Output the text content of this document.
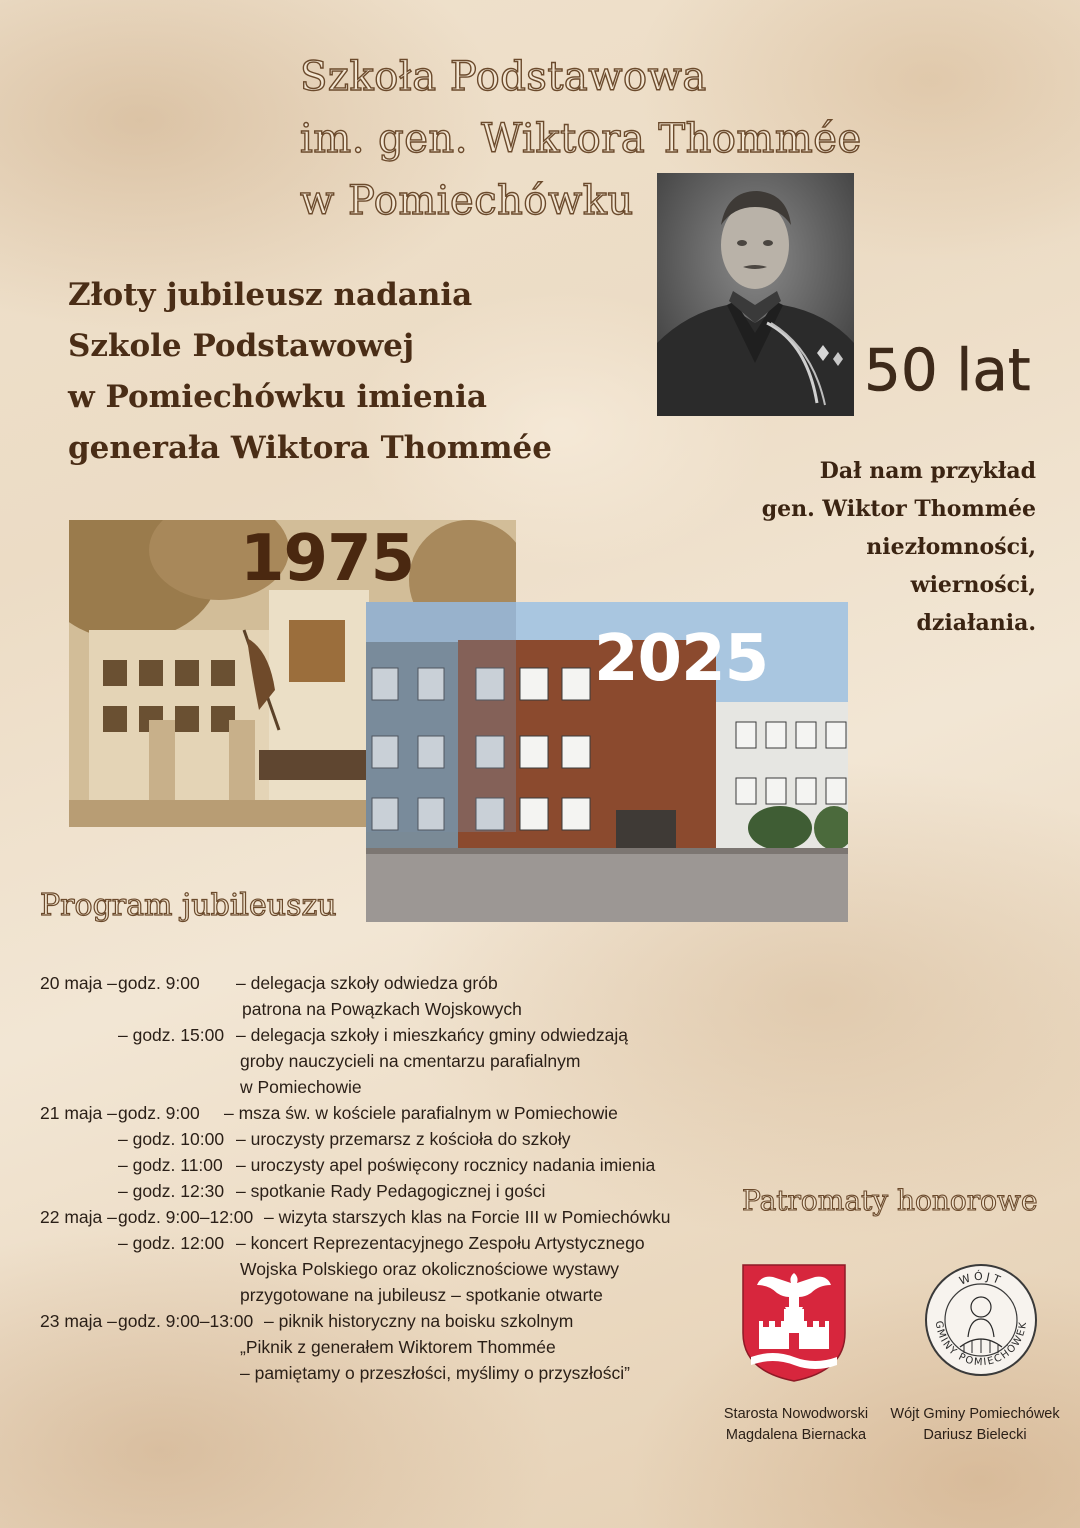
Szkoła Podstawowa
im. gen. Wiktora Thommée
w Pomiechówku
Złoty jubileusz nadania
Szkole Podstawowej
w Pomiechówku imienia
generała Wiktora Thommée
50 lat
Dał nam przykład
gen. Wiktor Thommée
niezłomności,
wierności,
działania.
1975
2025
Program jubileuszu
20 maja – godz. 9:00 – delegacja szkoły odwiedza grób
patrona na Powązkach Wojskowych
– godz. 15:00 – delegacja szkoły i mieszkańcy gminy odwiedzają
groby nauczycieli na cmentarzu parafialnym
w Pomiechowie
21 maja – godz. 9:00 – msza św. w kościele parafialnym w Pomiechowie
– godz. 10:00 – uroczysty przemarsz z kościoła do szkoły
– godz. 11:00 – uroczysty apel poświęcony rocznicy nadania imienia
– godz. 12:30 – spotkanie Rady Pedagogicznej i gości
22 maja – godz. 9:00–12:00 – wizyta starszych klas na Forcie III w Pomiechówku
– godz. 12:00 – koncert Reprezentacyjnego Zespołu Artystycznego
Wojska Polskiego oraz okolicznościowe wystawy
przygotowane na jubileusz – spotkanie otwarte
23 maja – godz. 9:00–13:00 – piknik historyczny na boisku szkolnym
„Piknik z generałem Wiktorem Thommée
– pamiętamy o przeszłości, myślimy o przyszłości”
Patromaty honorowe
WÓJT
GMINY POMIECHÓWEK
Starosta Nowodworski
Magdalena Biernacka
Wójt Gminy Pomiechówek
Dariusz Bielecki
